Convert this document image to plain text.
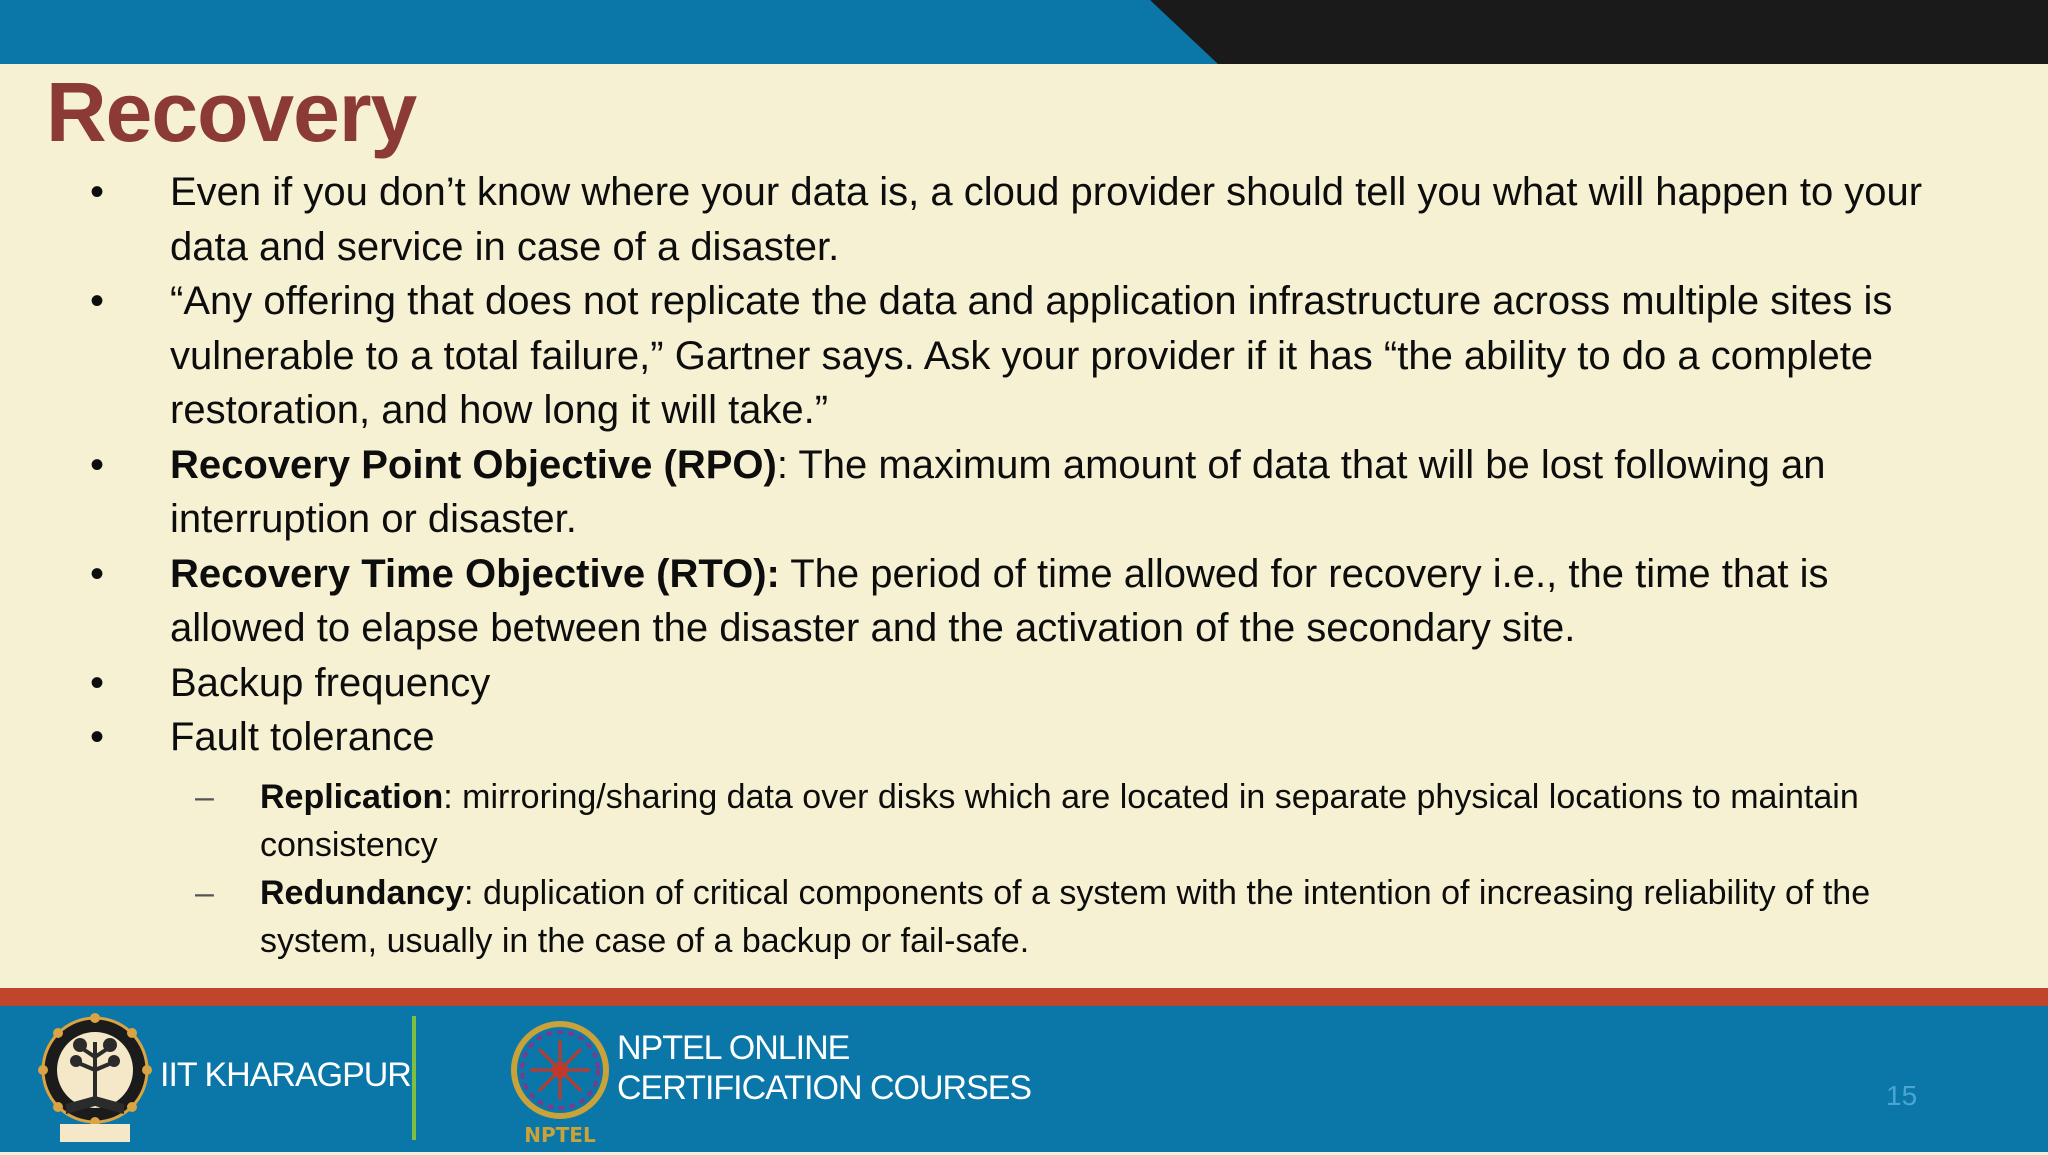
Recovery
• Even if you don’t know where your data is, a cloud provider should tell you what will happen to your data and service in case of a disaster.
• “Any offering that does not replicate the data and application infrastructure across multiple sites is vulnerable to a total failure,” Gartner says. Ask your provider if it has “the ability to do a complete restoration, and how long it will take.”
• Recovery Point Objective (RPO): The maximum amount of data that will be lost following an interruption or disaster.
• Recovery Time Objective (RTO): The period of time allowed for recovery i.e., the time that is allowed to elapse between the disaster and the activation of the secondary site.
• Backup frequency
• Fault tolerance
– Replication: mirroring/sharing data over disks which are located in separate physical locations to maintain consistency
– Redundancy: duplication of critical components of a system with the intention of increasing reliability of the system, usually in the case of a backup or fail-safe.
IIT KHARAGPUR
NPTEL
NPTEL ONLINE
CERTIFICATION COURSES	15
